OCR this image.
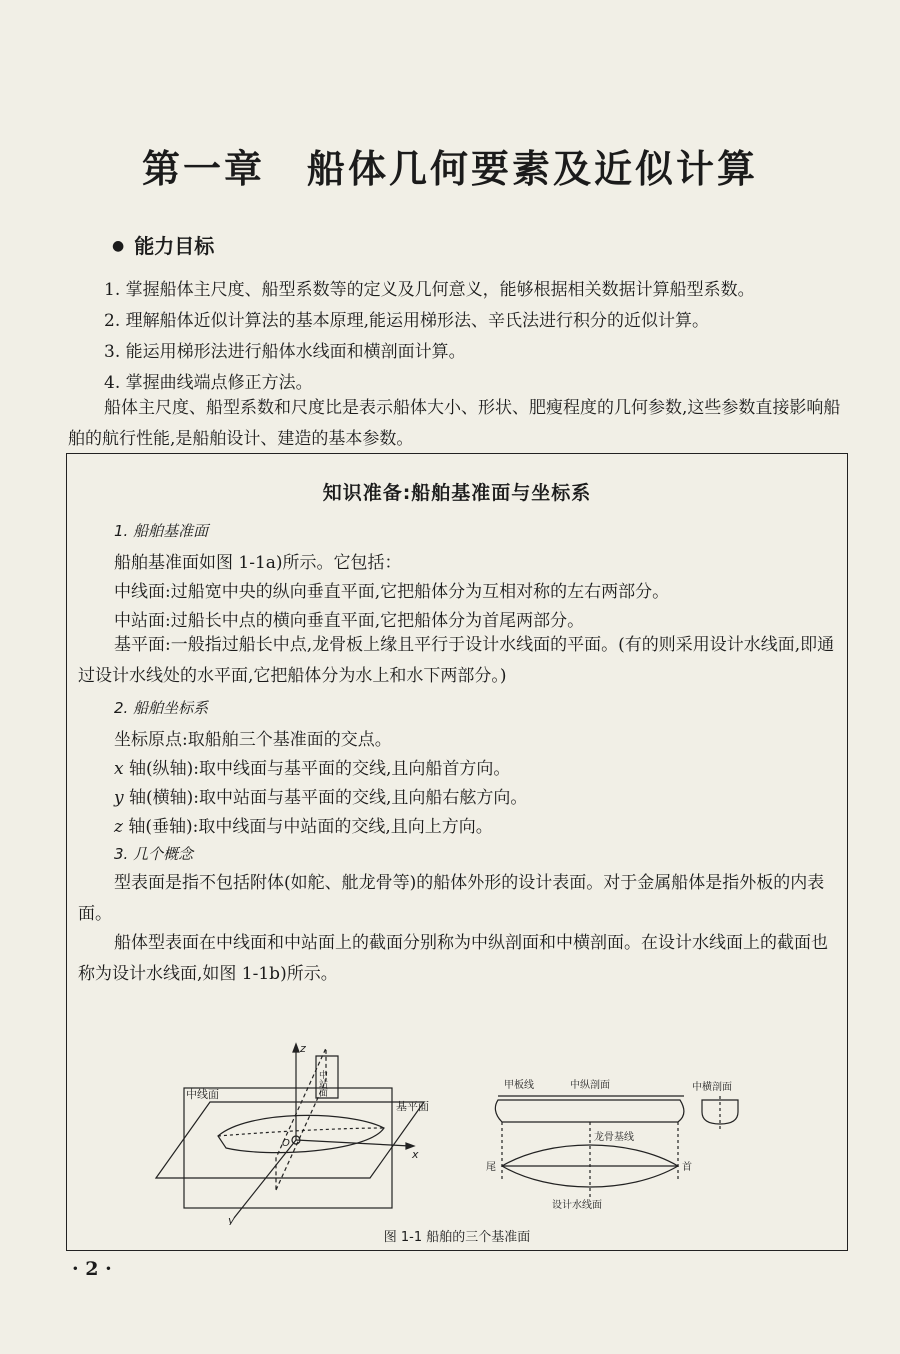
第一章 船体几何要素及近似计算
● 能力目标
1. 掌握船体主尺度、船型系数等的定义及几何意义，能够根据相关数据计算船型系数。
2. 理解船体近似计算法的基本原理,能运用梯形法、辛氏法进行积分的近似计算。
3. 能运用梯形法进行船体水线面和横剖面计算。
4. 掌握曲线端点修正方法。
船体主尺度、船型系数和尺度比是表示船体大小、形状、肥瘦程度的几何参数,这些参数直接影响船舶的航行性能,是船舶设计、建造的基本参数。
知识准备:船舶基准面与坐标系
1. 船舶基准面
船舶基准面如图 1-1a)所示。它包括：
中线面:过船宽中央的纵向垂直平面,它把船体分为互相对称的左右两部分。
中站面:过船长中点的横向垂直平面,它把船体分为首尾两部分。
基平面:一般指过船长中点,龙骨板上缘且平行于设计水线面的平面。(有的则采用设计水线面,即通过设计水线处的水平面,它把船体分为水上和水下两部分。)
2. 船舶坐标系
坐标原点:取船舶三个基准面的交点。
x 轴(纵轴):取中线面与基平面的交线,且向船首方向。
y 轴(横轴):取中站面与基平面的交线,且向船右舷方向。
z 轴(垂轴):取中线面与中站面的交线,且向上方向。
3. 几个概念
型表面是指不包括附体(如舵、舭龙骨等)的船体外形的设计表面。对于金属船体是指外板的内表面。
船体型表面在中线面和中站面上的截面分别称为中纵剖面和中横剖面。在设计水线面上的截面也称为设计水线面,如图 1-1b)所示。
中线面	中站面
基平面
z
x
y
O
甲板线	中纵剖面	中横剖面
龙骨基线
尾	首
设计水线面
图 1-1 船舶的三个基准面
· 2 ·
